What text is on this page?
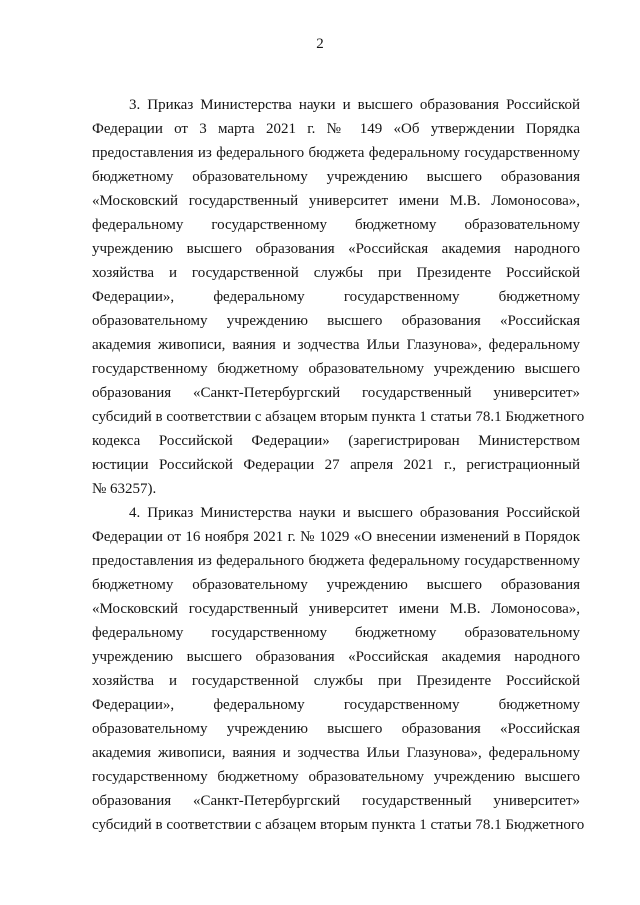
2
3. Приказ Министерства науки и высшего образования Российской
Федерации от 3 марта 2021 г. № 149 «Об утверждении Порядка
предоставления из федерального бюджета федеральному государственному
бюджетному образовательному учреждению высшего образования
«Московский государственный университет имени М.В. Ломоносова»,
федеральному государственному бюджетному образовательному
учреждению высшего образования «Российская академия народного
хозяйства и государственной службы при Президенте Российской
Федерации», федеральному государственному бюджетному
образовательному учреждению высшего образования «Российская
академия живописи, ваяния и зодчества Ильи Глазунова», федеральному
государственному бюджетному образовательному учреждению высшего
образования «Санкт-Петербургский государственный университет»
субсидий в соответствии с абзацем вторым пункта 1 статьи 78.1 Бюджетного
кодекса Российской Федерации» (зарегистрирован Министерством
юстиции Российской Федерации 27 апреля 2021 г., регистрационный
№ 63257).
4. Приказ Министерства науки и высшего образования Российской
Федерации от 16 ноября 2021 г. № 1029 «О внесении изменений в Порядок
предоставления из федерального бюджета федеральному государственному
бюджетному образовательному учреждению высшего образования
«Московский государственный университет имени М.В. Ломоносова»,
федеральному государственному бюджетному образовательному
учреждению высшего образования «Российская академия народного
хозяйства и государственной службы при Президенте Российской
Федерации», федеральному государственному бюджетному
образовательному учреждению высшего образования «Российская
академия живописи, ваяния и зодчества Ильи Глазунова», федеральному
государственному бюджетному образовательному учреждению высшего
образования «Санкт-Петербургский государственный университет»
субсидий в соответствии с абзацем вторым пункта 1 статьи 78.1 Бюджетного
